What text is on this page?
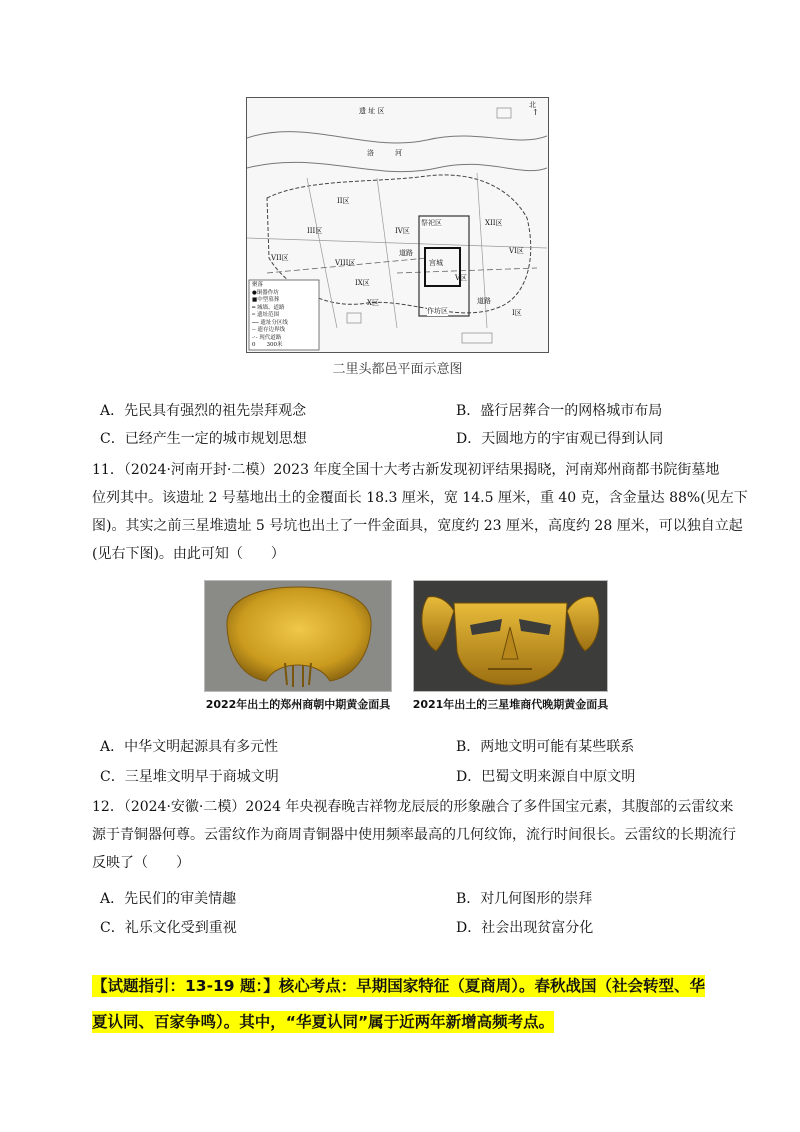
遗 址 区
北
↑
洛　　　河
祭祀区
宫城
作坊区
道路
道路
II区
III区	IV区
V区
VI区
VII区
VIII区
IX区
X区
I区
XII区
聚落
●铜器作坊
■中型墓葬
━ 城墙、道路
┅ 遗址范围
── 遗址分区线
-- 遗存边界线
-·- 现代道路
0　　300米
二里头都邑平面示意图
A．先民具有强烈的祖先崇拜观念	B．盛行居葬合一的网格城市布局
C．已经产生一定的城市规划思想	D．天圆地方的宇宙观已得到认同
11．（2024·河南开封·二模）2023 年度全国十大考古新发现初评结果揭晓，河南郑州商都书院街墓地
位列其中。该遗址 2 号墓地出土的金覆面长 18.3 厘米，宽 14.5 厘米，重 40 克，含金量达 88%(见左下
图)。其实之前三星堆遗址 5 号坑也出土了一件金面具，宽度约 23 厘米，高度约 28 厘米，可以独自立起
(见右下图)。由此可知（　　）
2022年出土的郑州商朝中期黄金面具	2021年出土的三星堆商代晚期黄金面具
A．中华文明起源具有多元性	B．两地文明可能有某些联系
C．三星堆文明早于商城文明	D．巴蜀文明来源自中原文明
12．（2024·安徽·二模）2024 年央视春晚吉祥物龙辰辰的形象融合了多件国宝元素，其腹部的云雷纹来
源于青铜器何尊。云雷纹作为商周青铜器中使用频率最高的几何纹饰，流行时间很长。云雷纹的长期流行
反映了（　　）
A．先民们的审美情趣	B．对几何图形的崇拜
C．礼乐文化受到重视	D．社会出现贫富分化
【试题指引：13-19 题：】核心考点：早期国家特征（夏商周）。春秋战国（社会转型、华
夏认同、百家争鸣）。其中，“华夏认同”属于近两年新增高频考点。
